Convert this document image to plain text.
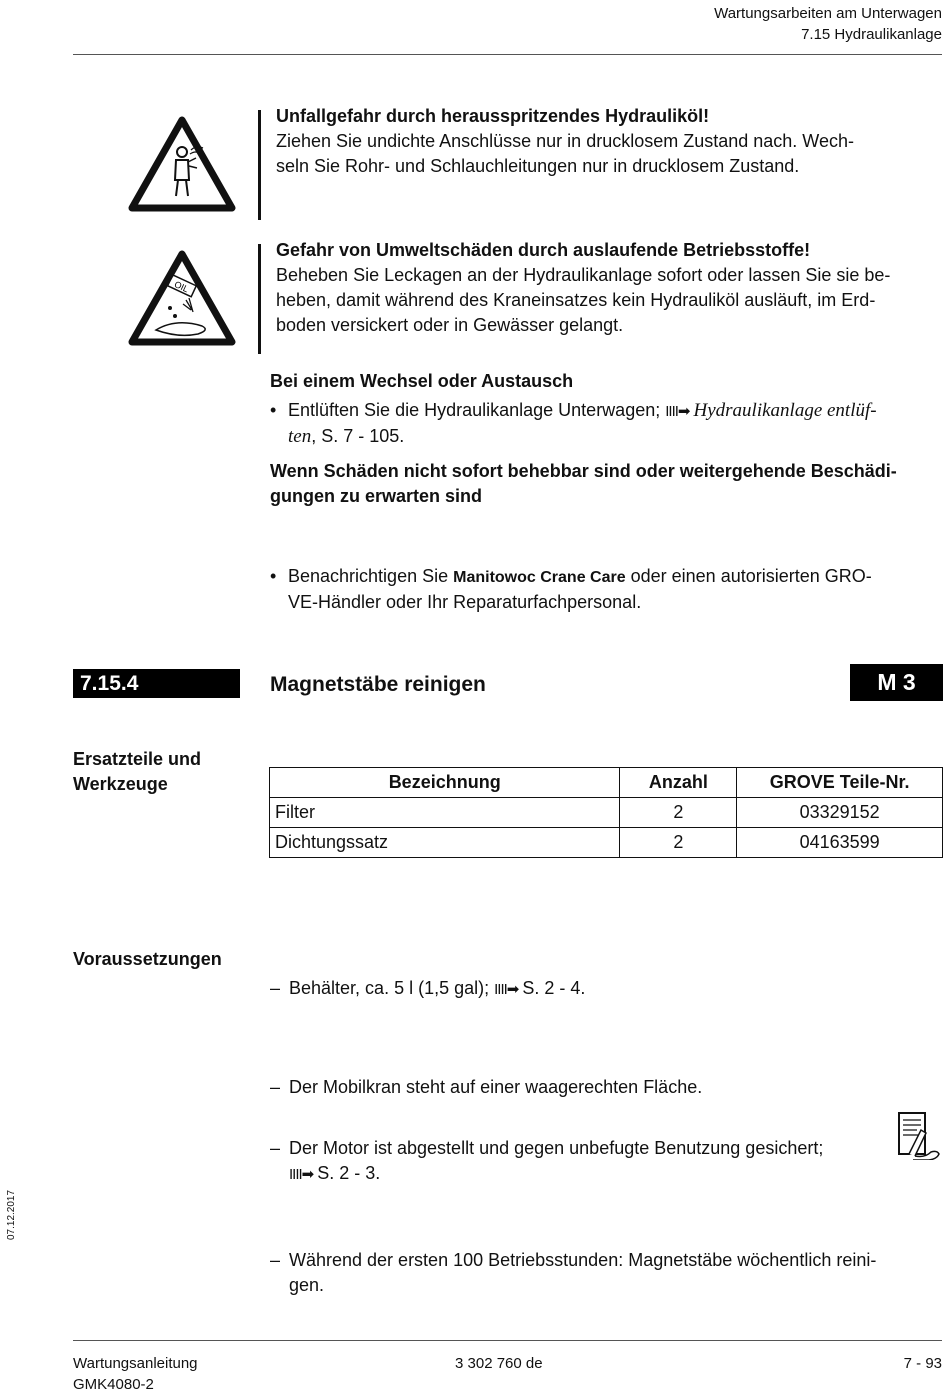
Wartungsarbeiten am Unterwagen
7.15 Hydraulikanlage
Unfallgefahr durch herausspritzendes Hydrauliköl!
Ziehen Sie undichte Anschlüsse nur in drucklosem Zustand nach. Wech-
seln Sie Rohr- und Schlauchleitungen nur in drucklosem Zustand.
OIL
Gefahr von Umweltschäden durch auslaufende Betriebsstoffe!
Beheben Sie Leckagen an der Hydraulikanlage sofort oder lassen Sie sie be-
heben, damit während des Kraneinsatzes kein Hydrauliköl ausläuft, im Erd-
boden versickert oder in Gewässer gelangt.
Bei einem Wechsel oder Austausch
• Entlüften Sie die Hydraulikanlage Unterwagen; IIII➡ Hydraulikanlage entlüf-
ten, S. 7 - 105.
Wenn Schäden nicht sofort behebbar sind oder weitergehende Beschädi-
gungen zu erwarten sind
• Benachrichtigen Sie Manitowoc Crane Care oder einen autorisierten GRO-
VE-Händler oder Ihr Reparaturfachpersonal.
7.15.4	Magnetstäbe reinigen	M 3
Ersatzteile und
Werkzeuge	Bezeichnung	Anzahl	GROVE Teile-Nr.
Filter	2	03329152
Dichtungssatz	2	04163599
– Behälter, ca. 5 l (1,5 gal); IIII➡ S. 2 - 4.
Voraussetzungen
– Der Mobilkran steht auf einer waagerechten Fläche.
– Der Motor ist abgestellt und gegen unbefugte Benutzung gesichert;
IIII➡ S. 2 - 3.
– Während der ersten 100 Betriebsstunden: Magnetstäbe wöchentlich reini-
gen.
07.12.2017
Wartungsanleitung
GMK4080-2
3 302 760 de	7 - 93
